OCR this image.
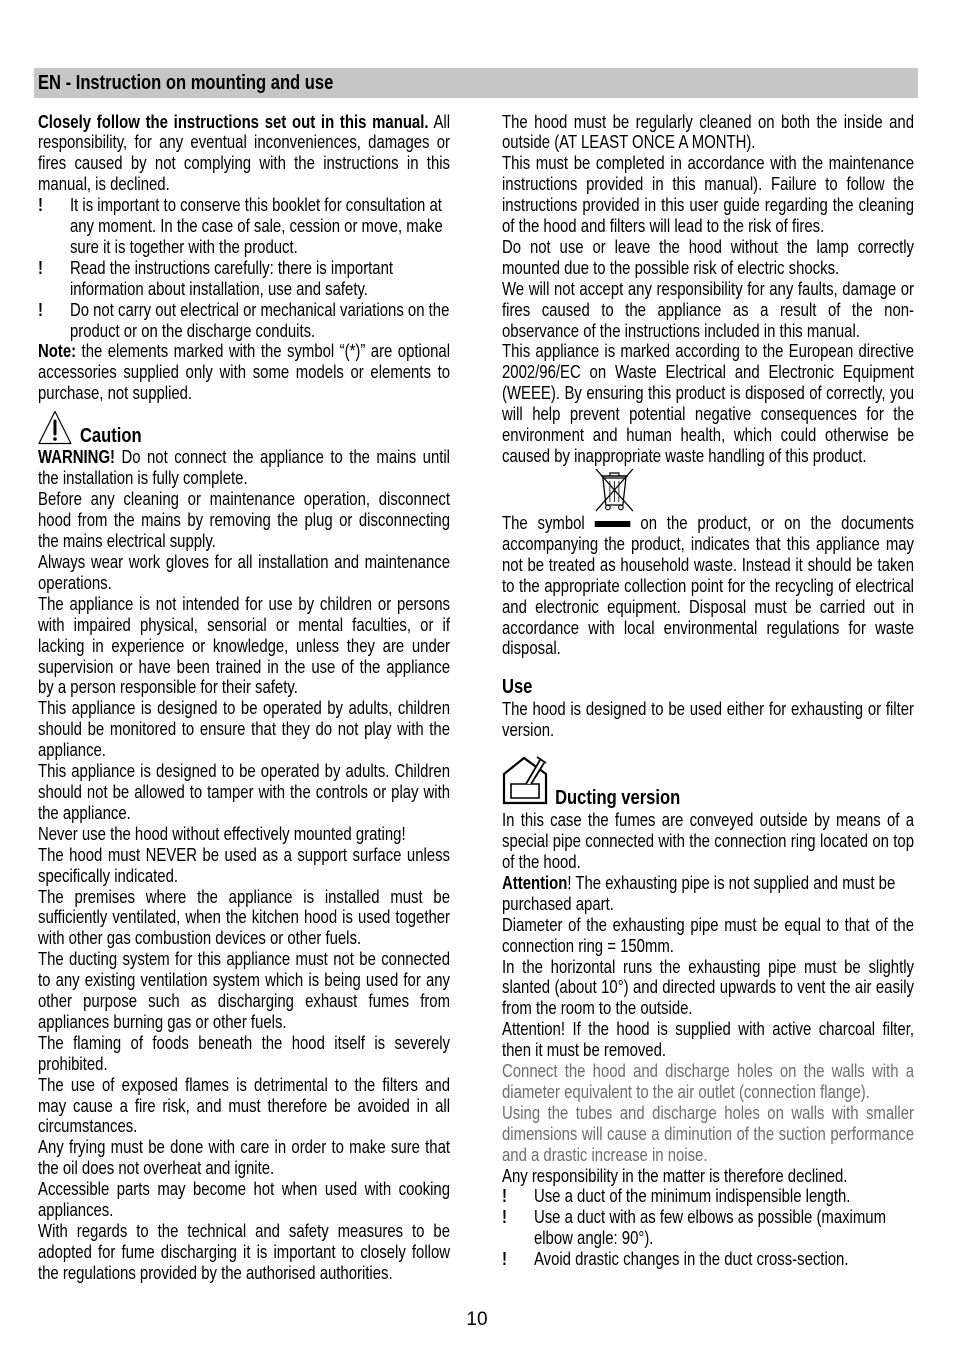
EN - Instruction on mounting and use

Closely follow the instructions set out in this manual. All responsibility, for any eventual inconveniences, damages or fires caused by not complying with the instructions in this manual, is declined.

!	It is important to conserve this booklet for consultation at any moment. In the case of sale, cession or move, make sure it is together with the product.
!	Read the instructions carefully: there is important information about installation, use and safety.
!	Do not carry out electrical or mechanical variations on the product or on the discharge conduits.

Note: the elements marked with the symbol “(*)” are optional accessories supplied only with some models or elements to purchase, not supplied.

Caution

WARNING! Do not connect the appliance to the mains until the installation is fully complete.

Before any cleaning or maintenance operation, disconnect hood from the mains by removing the plug or disconnecting the mains electrical supply.

Always wear work gloves for all installation and maintenance operations.

The appliance is not intended for use by children or persons with impaired physical, sensorial or mental faculties, or if lacking in experience or knowledge, unless they are under supervision or have been trained in the use of the appliance by a person responsible for their safety.

This appliance is designed to be operated by adults, children should be monitored to ensure that they do not play with the appliance.

This appliance is designed to be operated by adults. Children should not be allowed to tamper with the controls or play with the appliance.

Never use the hood without effectively mounted grating!

The hood must NEVER be used as a support surface unless specifically indicated.

The premises where the appliance is installed must be sufficiently ventilated, when the kitchen hood is used together with other gas combustion devices or other fuels.

The ducting system for this appliance must not be connected to any existing ventilation system which is being used for any other purpose such as discharging exhaust fumes from appliances burning gas or other fuels.

The flaming of foods beneath the hood itself is severely prohibited.

The use of exposed flames is detrimental to the filters and may cause a fire risk, and must therefore be avoided in all circumstances.

Any frying must be done with care in order to make sure that the oil does not overheat and ignite.

Accessible parts may become hot when used with cooking appliances.

With regards to the technical and safety measures to be adopted for fume discharging it is important to closely follow the regulations provided by the authorised authorities.

The hood must be regularly cleaned on both the inside and outside (AT LEAST ONCE A MONTH).

This must be completed in accordance with the maintenance instructions provided in this manual). Failure to follow the instructions provided in this user guide regarding the cleaning of the hood and filters will lead to the risk of fires.

Do not use or leave the hood without the lamp correctly mounted due to the possible risk of electric shocks.

We will not accept any responsibility for any faults, damage or fires caused to the appliance as a result of the non-observance of the instructions included in this manual.

This appliance is marked according to the European directive 2002/96/EC on Waste Electrical and Electronic Equipment (WEEE). By ensuring this product is disposed of correctly, you will help prevent potential negative consequences for the environment and human health, which could otherwise be caused by inappropriate waste handling of this product.

The symbol	on the product, or on the documents accompanying the product, indicates that this appliance may not be treated as household waste. Instead it should be taken to the appropriate collection point for the recycling of electrical and electronic equipment. Disposal must be carried out in accordance with local environmental regulations for waste disposal.

Use

The hood is designed to be used either for exhausting or filter version.

Ducting version

In this case the fumes are conveyed outside by means of a special pipe connected with the connection ring located on top of the hood.

Attention! The exhausting pipe is not supplied and must be purchased apart.

Diameter of the exhausting pipe must be equal to that of the connection ring = 150mm.

In the horizontal runs the exhausting pipe must be slightly slanted (about 10°) and directed upwards to vent the air easily from the room to the outside.

Attention! If the hood is supplied with active charcoal filter, then it must be removed.

Connect the hood and discharge holes on the walls with a diameter equivalent to the air outlet (connection flange).

Using the tubes and discharge holes on walls with smaller dimensions will cause a diminution of the suction performance and a drastic increase in noise.

Any responsibility in the matter is therefore declined.

!	Use a duct of the minimum indispensible length.
!	Use a duct with as few elbows as possible (maximum elbow angle: 90°).
!	Avoid drastic changes in the duct cross-section.
10
